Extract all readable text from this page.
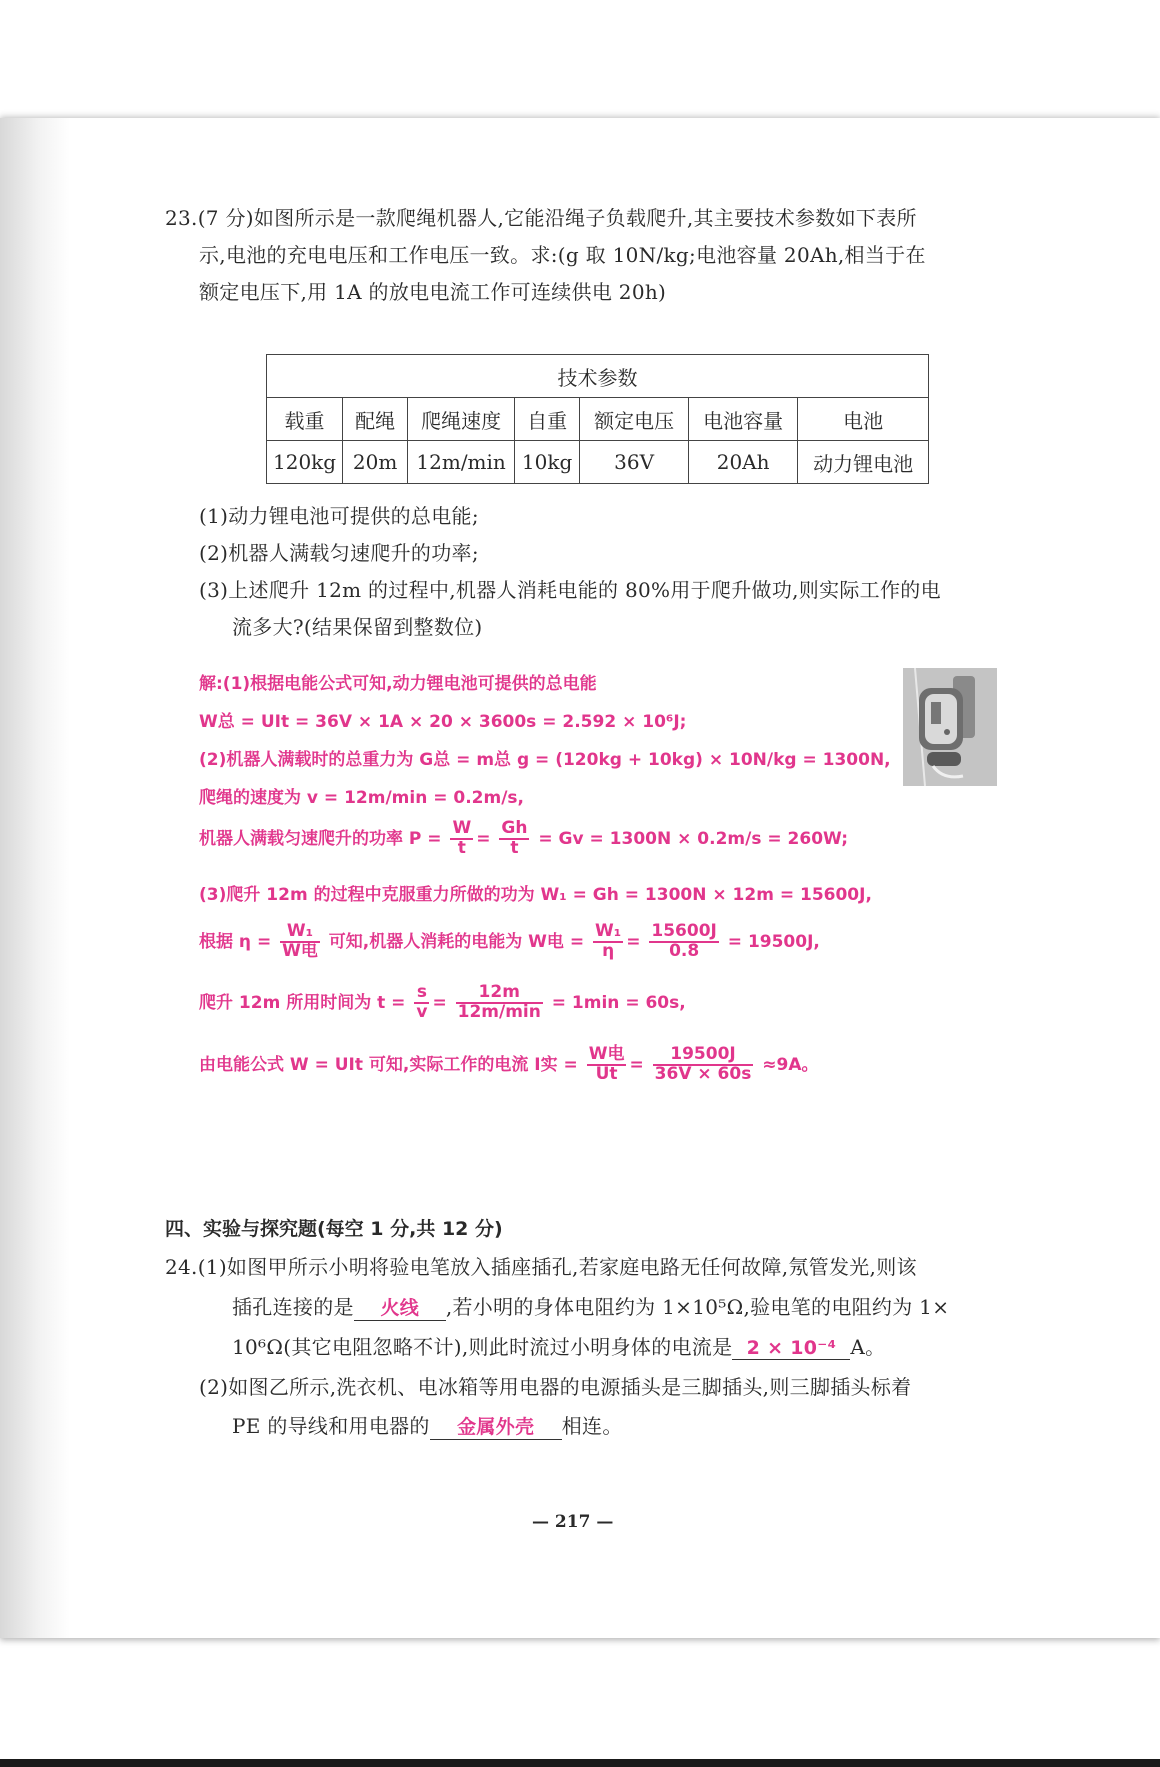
23.(7 分)如图所示是一款爬绳机器人,它能沿绳子负载爬升,其主要技术参数如下表所
示,电池的充电电压和工作电压一致。求:(g 取 10N/kg;电池容量 20Ah,相当于在
额定电压下,用 1A 的放电电流工作可连续供电 20h)
技术参数						
载重	配绳	爬绳速度	自重	额定电压	电池容量	电池
120kg	20m	12m/min	10kg	36V	20Ah	动力锂电池
(1)动力锂电池可提供的总电能;
(2)机器人满载匀速爬升的功率;
(3)上述爬升 12m 的过程中,机器人消耗电能的 80%用于爬升做功,则实际工作的电
流多大?(结果保留到整数位)
解:(1)根据电能公式可知,动力锂电池可提供的总电能
W总 = UIt = 36V × 1A × 20 × 3600s = 2.592 × 10⁶J;
(2)机器人满载时的总重力为 G总 = m总 g = (120kg + 10kg) × 10N/kg = 1300N,
爬绳的速度为 v = 12m/min = 0.2m/s,
机器人满载匀速爬升的功率 $P = \frac{W}{t} = \frac{Gh}{t} = Gv = 1300N \times 0.2m/s = 260W$;
(3)爬升 12m 的过程中克服重力所做的功为 W₁ = Gh = 1300N × 12m = 15600J,
根据 $\eta = \frac{\text{W₁}}{\text{W电}}$ 可知,机器人消耗的电能为 W电 = $\frac{\text{W₁}}{\eta} = \frac{15600J}{0.8} = 19500J$,
爬升 12m 所用时间为 $t = \frac{s}{v} = \frac{12m}{12m/\min} = 1\min = 60s$,
由电能公式 W = UIt 可知,实际工作的电流 I实 = $\frac{\text{W电}}{Ut} = \frac{19500J}{36V \times 60s} \approx 9A$。
四、实验与探究题(每空 1 分,共 12 分)
24.(1)如图甲所示小明将验电笔放入插座插孔,若家庭电路无任何故障,氖管发光,则该
插孔连接的是 火线 ,若小明的身体电阻约为 1×10⁵Ω,验电笔的电阻约为 1×
10⁶Ω(其它电阻忽略不计),则此时流过小明身体的电流是 2 × 10⁻⁴ A。
(2)如图乙所示,洗衣机、电冰箱等用电器的电源插头是三脚插头,则三脚插头标着
PE 的导线和用电器的 金属外壳 相连。
— 217 —
